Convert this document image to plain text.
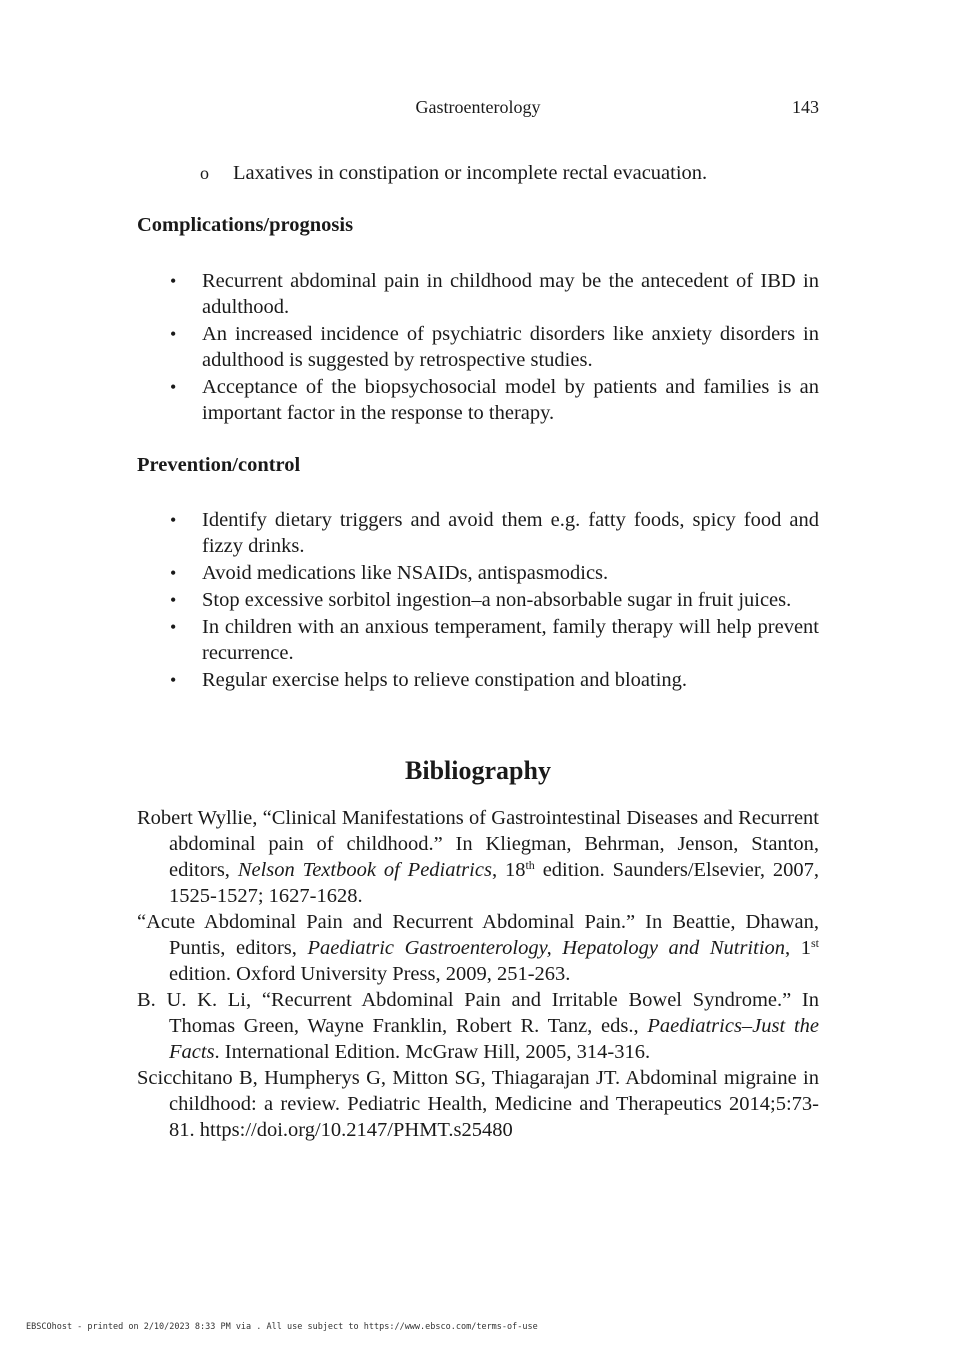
Gastroenterology	143
o Laxatives in constipation or incomplete rectal evacuation.
Complications/prognosis
• Recurrent abdominal pain in childhood may be the antecedent of IBD in adulthood.
• An increased incidence of psychiatric disorders like anxiety disorders in adulthood is suggested by retrospective studies.
• Acceptance of the biopsychosocial model by patients and families is an important factor in the response to therapy.
Prevention/control
• Identify dietary triggers and avoid them e.g. fatty foods, spicy food and fizzy drinks.
• Avoid medications like NSAIDs, antispasmodics.
• Stop excessive sorbitol ingestion–a non-absorbable sugar in fruit juices.
• In children with an anxious temperament, family therapy will help prevent recurrence.
• Regular exercise helps to relieve constipation and bloating.
Bibliography
Robert Wyllie, “Clinical Manifestations of Gastrointestinal Diseases and Recurrent abdominal pain of childhood.” In Kliegman, Behrman, Jenson, Stanton, editors, Nelson Textbook of Pediatrics, 18th edition. Saunders/Elsevier, 2007, 1525-1527; 1627-1628.
“Acute Abdominal Pain and Recurrent Abdominal Pain.” In Beattie, Dhawan, Puntis, editors, Paediatric Gastroenterology, Hepatology and Nutrition, 1st edition. Oxford University Press, 2009, 251-263.
B. U. K. Li, “Recurrent Abdominal Pain and Irritable Bowel Syndrome.” In Thomas Green, Wayne Franklin, Robert R. Tanz, eds., Paediatrics–Just the Facts. International Edition. McGraw Hill, 2005, 314-316.
Scicchitano B, Humpherys G, Mitton SG, Thiagarajan JT. Abdominal migraine in childhood: a review. Pediatric Health, Medicine and Therapeutics 2014;5:73-81. https://doi.org/10.2147/PHMT.s25480
EBSCOhost - printed on 2/10/2023 8:33 PM via . All use subject to https://www.ebsco.com/terms-of-use
